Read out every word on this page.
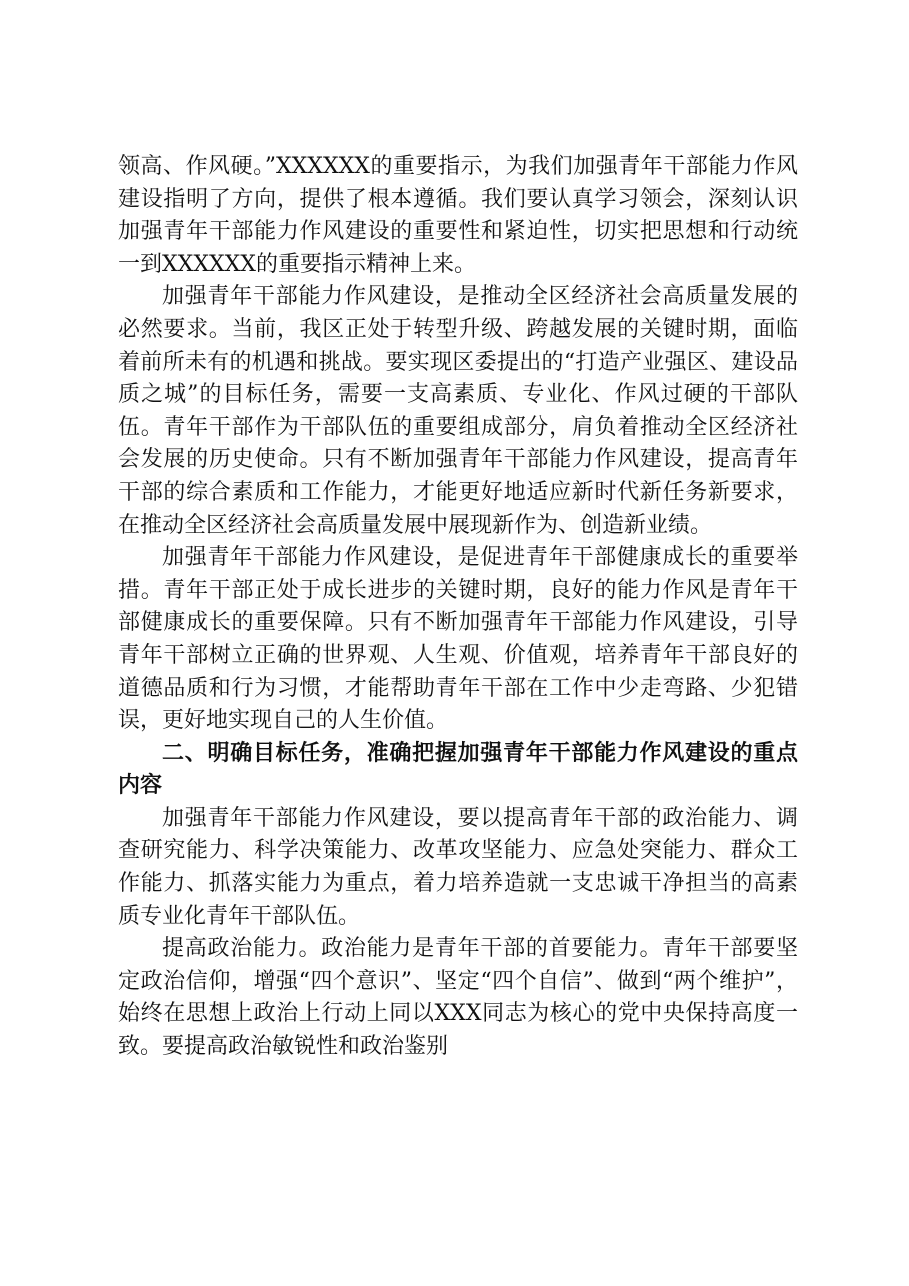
领高、作风硬。”XXXXXX的重要指示，为我们加强青年干部能力作风建设指明了方向，提供了根本遵循。我们要认真学习领会，深刻认识加强青年干部能力作风建设的重要性和紧迫性，切实把思想和行动统一到XXXXXX的重要指示精神上来。

加强青年干部能力作风建设，是推动全区经济社会高质量发展的必然要求。当前，我区正处于转型升级、跨越发展的关键时期，面临着前所未有的机遇和挑战。要实现区委提出的“打造产业强区、建设品质之城”的目标任务，需要一支高素质、专业化、作风过硬的干部队伍。青年干部作为干部队伍的重要组成部分，肩负着推动全区经济社会发展的历史使命。只有不断加强青年干部能力作风建设，提高青年干部的综合素质和工作能力，才能更好地适应新时代新任务新要求，在推动全区经济社会高质量发展中展现新作为、创造新业绩。

加强青年干部能力作风建设，是促进青年干部健康成长的重要举措。青年干部正处于成长进步的关键时期，良好的能力作风是青年干部健康成长的重要保障。只有不断加强青年干部能力作风建设，引导青年干部树立正确的世界观、人生观、价值观，培养青年干部良好的道德品质和行为习惯，才能帮助青年干部在工作中少走弯路、少犯错误，更好地实现自己的人生价值。

二、明确目标任务，准确把握加强青年干部能力作风建设的重点内容

加强青年干部能力作风建设，要以提高青年干部的政治能力、调查研究能力、科学决策能力、改革攻坚能力、应急处突能力、群众工作能力、抓落实能力为重点，着力培养造就一支忠诚干净担当的高素质专业化青年干部队伍。

提高政治能力。政治能力是青年干部的首要能力。青年干部要坚定政治信仰，增强“四个意识”、坚定“四个自信”、做到“两个维护”，始终在思想上政治上行动上同以XXX同志为核心的党中央保持高度一致。要提高政治敏锐性和政治鉴别
